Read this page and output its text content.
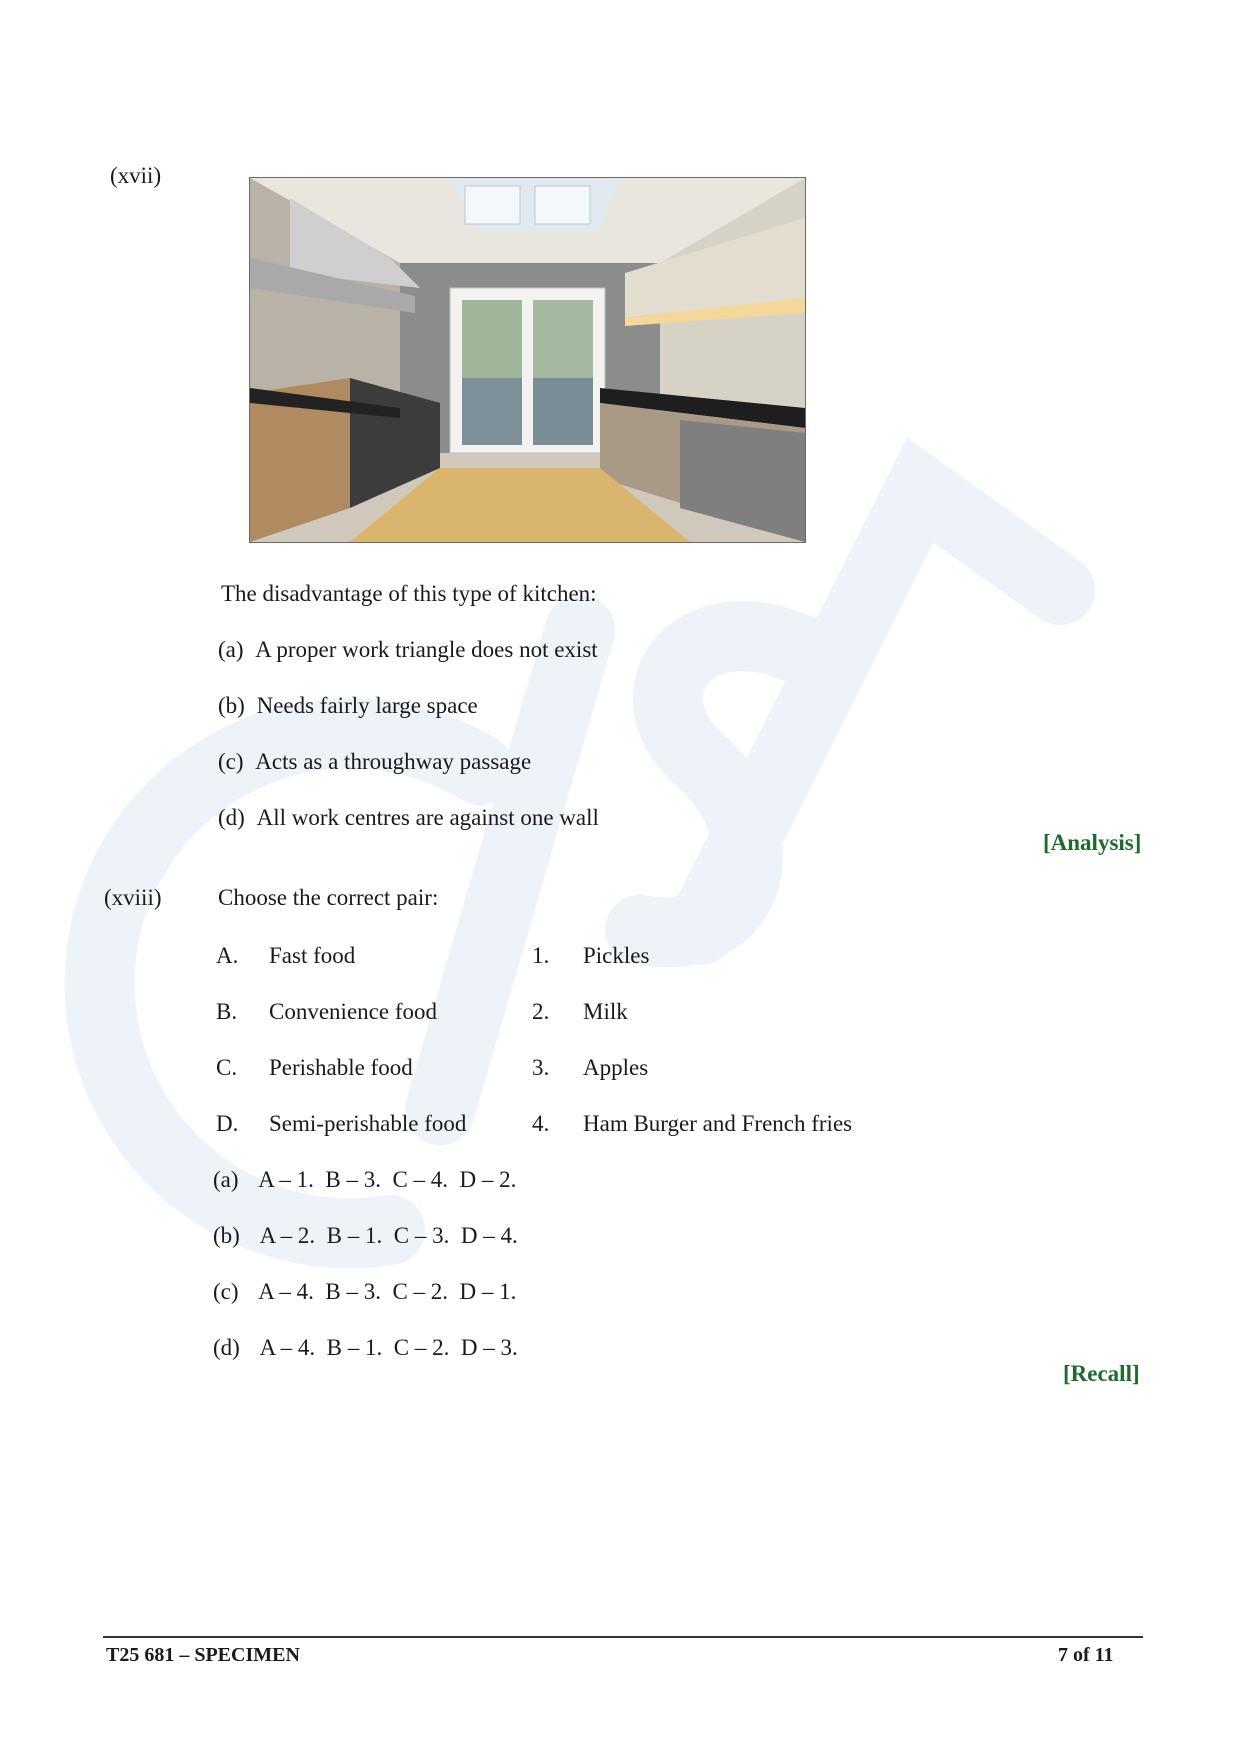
(xvii)
The disadvantage of this type of kitchen:
(a) A proper work triangle does not exist
(b) Needs fairly large space
(c) Acts as a throughway passage
(d) All work centres are against one wall
[Analysis]
(xviii) Choose the correct pair:
A. Fast food	1. Pickles
B. Convenience food	2. Milk
C. Perishable food	3. Apples
D. Semi-perishable food	4. Ham Burger and French fries
(a) A – 1.  B – 3.  C – 4.  D – 2.
(b) A – 2.  B – 1.  C – 3.  D – 4.
(c) A – 4.  B – 3.  C – 2.  D – 1.
(d) A – 4.  B – 1.  C – 2.  D – 3.
[Recall]
T25 681 – SPECIMEN	7 of 11
